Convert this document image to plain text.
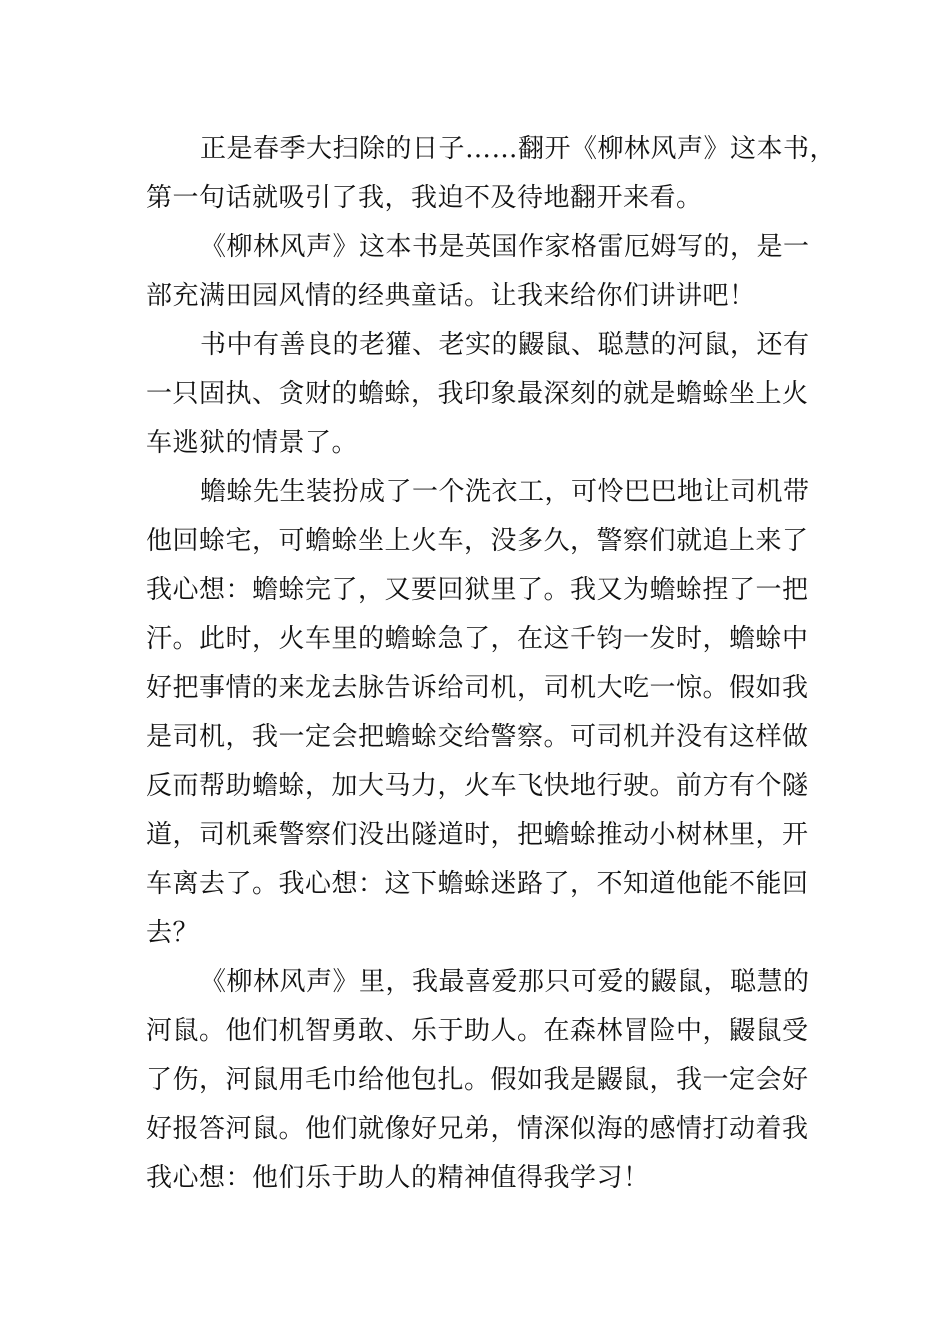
正是春季大扫除的日子……翻开《柳林风声》这本书，
第一句话就吸引了我，我迫不及待地翻开来看。
《柳林风声》这本书是英国作家格雷厄姆写的，是一
部充满田园风情的经典童话。让我来给你们讲讲吧！
书中有善良的老獾、老实的鼹鼠、聪慧的河鼠，还有
一只固执、贪财的蟾蜍，我印象最深刻的就是蟾蜍坐上火
车逃狱的情景了。
蟾蜍先生装扮成了一个洗衣工，可怜巴巴地让司机带
他回蜍宅，可蟾蜍坐上火车，没多久，警察们就追上来了
我心想：蟾蜍完了，又要回狱里了。我又为蟾蜍捏了一把
汗。此时，火车里的蟾蜍急了，在这千钧一发时，蟾蜍中
好把事情的来龙去脉告诉给司机，司机大吃一惊。假如我
是司机，我一定会把蟾蜍交给警察。可司机并没有这样做
反而帮助蟾蜍，加大马力，火车飞快地行驶。前方有个隧
道，司机乘警察们没出隧道时，把蟾蜍推动小树林里，开
车离去了。我心想：这下蟾蜍迷路了，不知道他能不能回
去？
《柳林风声》里，我最喜爱那只可爱的鼹鼠，聪慧的
河鼠。他们机智勇敢、乐于助人。在森林冒险中，鼹鼠受
了伤，河鼠用毛巾给他包扎。假如我是鼹鼠，我一定会好
好报答河鼠。他们就像好兄弟，情深似海的感情打动着我
我心想：他们乐于助人的精神值得我学习！
